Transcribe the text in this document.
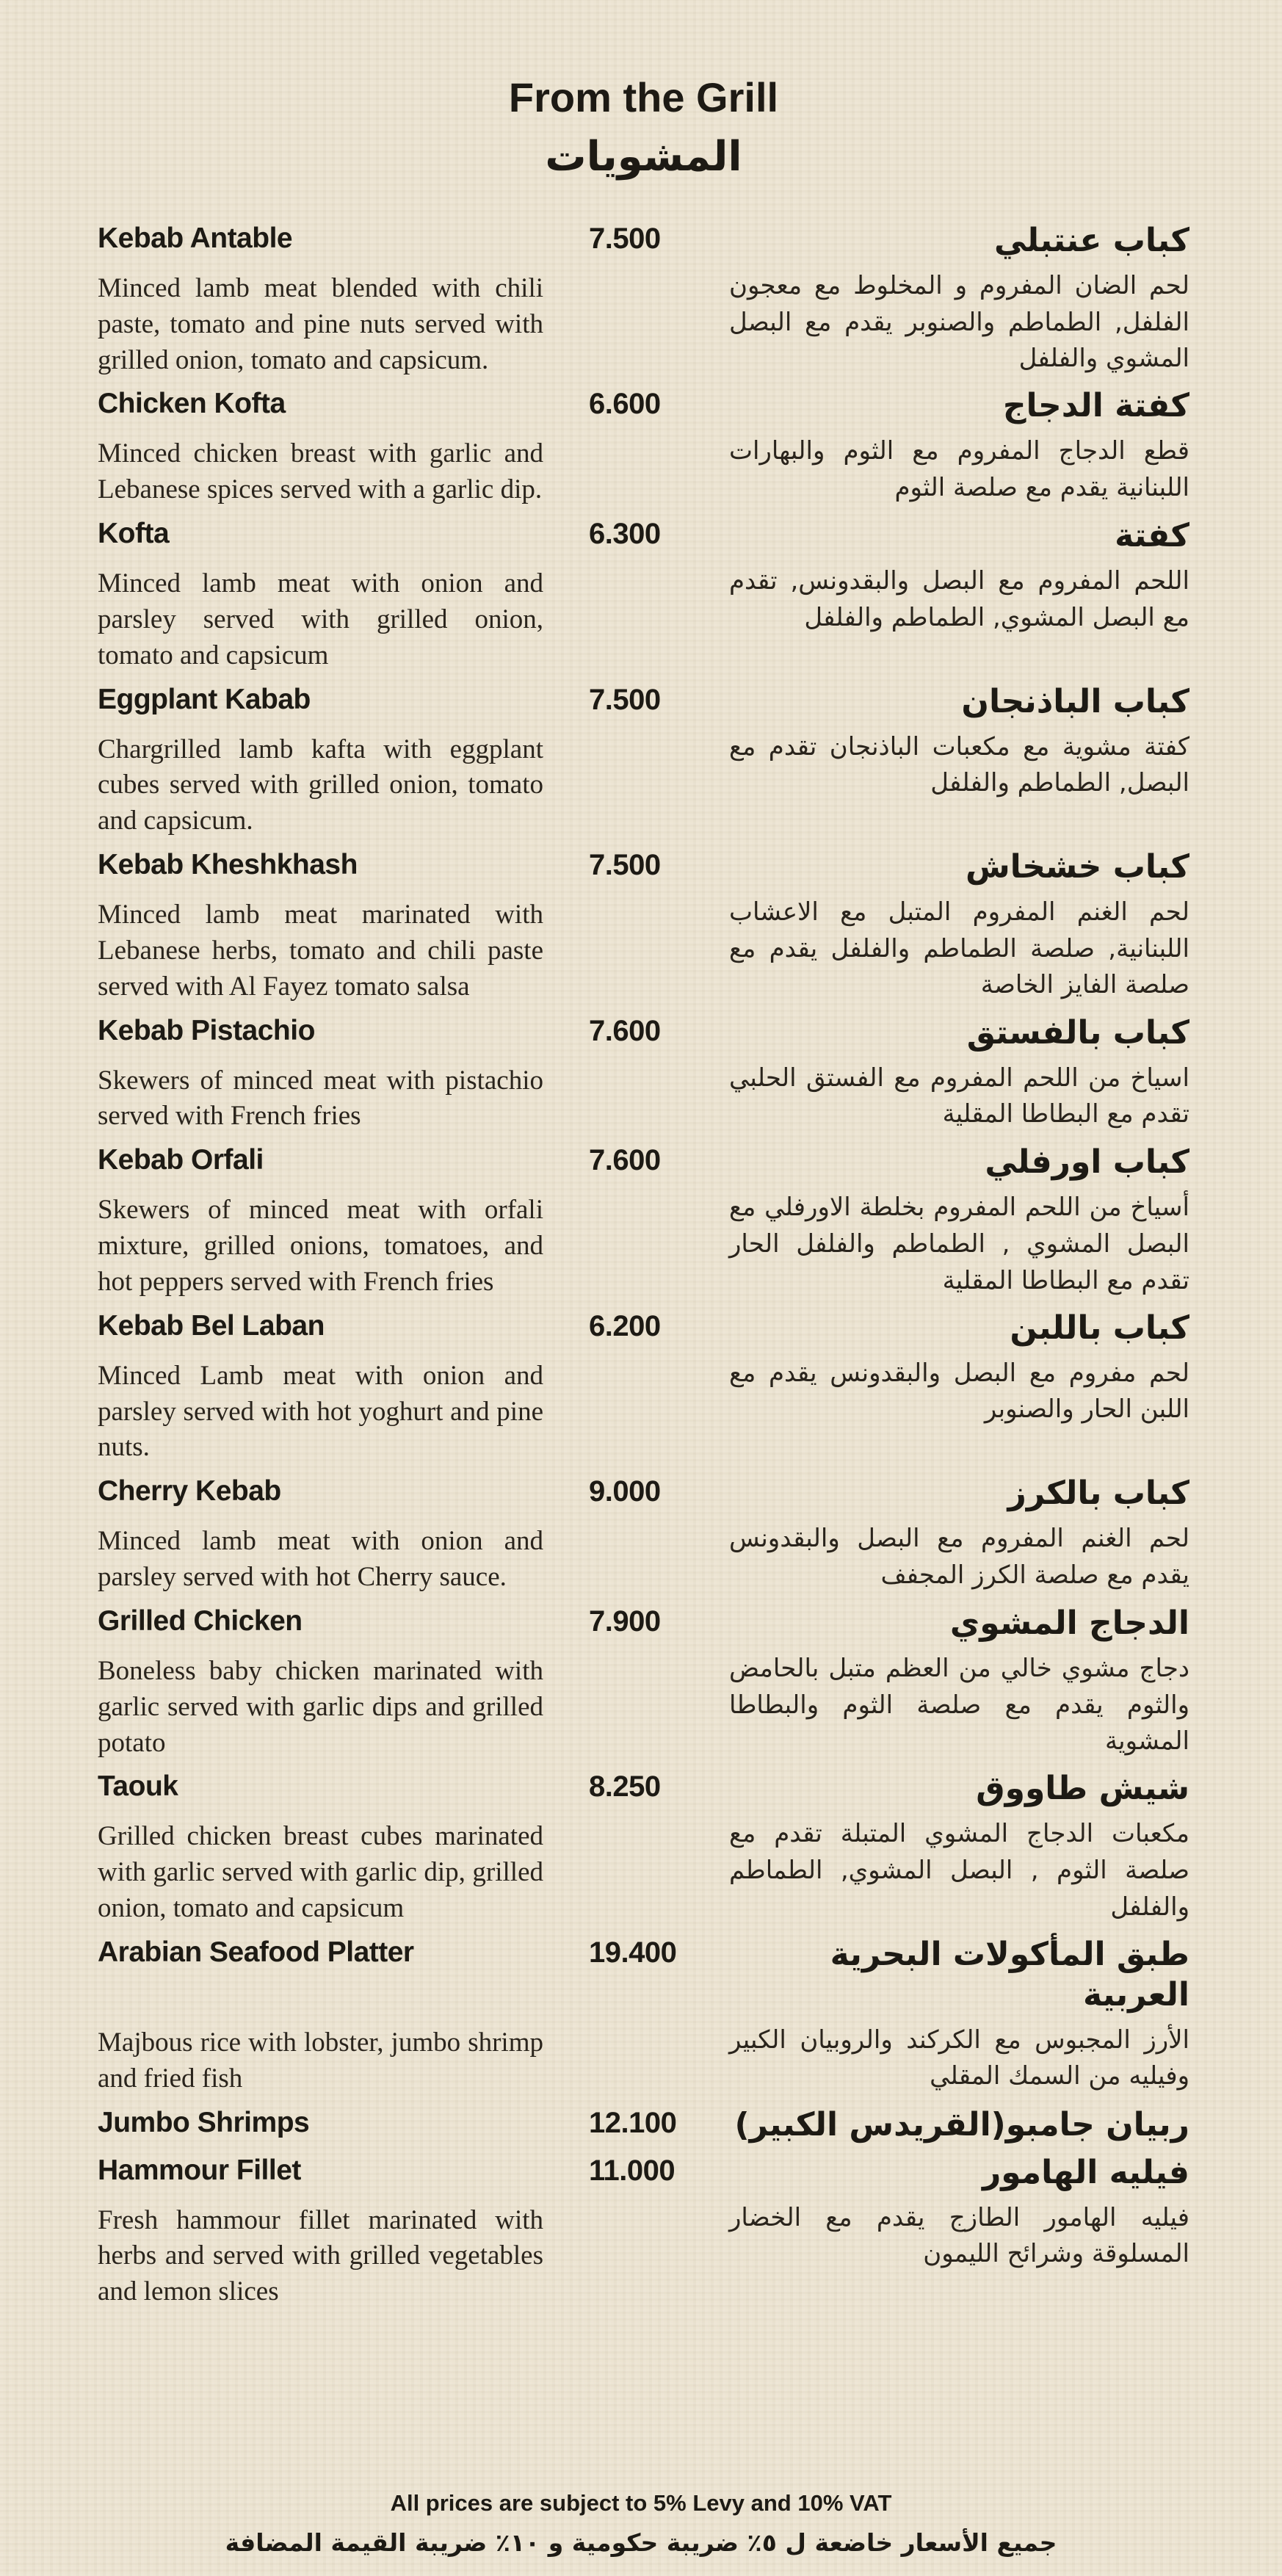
From the Grill
المشويات
Kebab Antable	7.500	كباب عنتبلي
Minced lamb meat blended with chili paste, tomato and pine nuts served with grilled onion, tomato and capsicum.
لحم الضان المفروم و المخلوط مع معجون الفلفل, الطماطم والصنوبر يقدم مع البصل المشوي والفلفل
Chicken Kofta	6.600	كفتة الدجاج
Minced chicken breast with garlic and Lebanese spices served with a garlic dip.
قطع الدجاج المفروم مع الثوم والبهارات اللبنانية يقدم مع صلصة الثوم
Kofta	6.300	كفتة
Minced lamb meat with onion and parsley served with grilled onion, tomato and capsicum
اللحم المفروم مع البصل والبقدونس, تقدم مع البصل المشوي, الطماطم والفلفل
Eggplant Kabab	7.500	كباب الباذنجان
Chargrilled lamb kafta with eggplant cubes served with grilled onion, tomato and capsicum.
كفتة مشوية مع مكعبات الباذنجان تقدم مع البصل, الطماطم والفلفل
Kebab Kheshkhash	7.500	كباب خشخاش
Minced lamb meat marinated with Lebanese herbs, tomato and chili paste served with Al Fayez tomato salsa
لحم الغنم المفروم المتبل مع الاعشاب اللبنانية, صلصة الطماطم والفلفل يقدم مع صلصة الفايز الخاصة
Kebab Pistachio	7.600	كباب بالفستق
Skewers of minced meat with pistachio served with French fries
اسياخ من اللحم المفروم مع الفستق الحلبي تقدم مع البطاطا المقلية
Kebab Orfali	7.600	كباب اورفلي
Skewers of minced meat with orfali mixture, grilled onions, tomatoes, and hot peppers served with French fries
أسياخ من اللحم المفروم بخلطة الاورفلي مع البصل المشوي , الطماطم والفلفل الحار تقدم مع البطاطا المقلية
Kebab Bel Laban	6.200	كباب باللبن
Minced Lamb meat with onion and parsley served with hot yoghurt and pine nuts.
لحم مفروم مع البصل والبقدونس يقدم مع اللبن الحار والصنوبر
Cherry Kebab	9.000	كباب بالكرز
Minced lamb meat with onion and parsley served with hot Cherry sauce.
لحم الغنم المفروم مع البصل والبقدونس يقدم مع صلصة الكرز المجفف
Grilled Chicken	7.900	الدجاج المشوي
Boneless baby chicken marinated with garlic served with garlic dips and grilled potato
دجاج مشوي خالي من العظم متبل بالحامض والثوم يقدم مع صلصة الثوم والبطاطا المشوية
Taouk	8.250	شيش طاووق
Grilled chicken breast cubes marinated with garlic served with garlic dip, grilled onion, tomato and capsicum
مكعبات الدجاج المشوي المتبلة تقدم مع صلصة الثوم , البصل المشوي, الطماطم والفلفل
Arabian Seafood Platter	19.400	طبق المأكولات البحرية العربية
Majbous rice with lobster, jumbo shrimp and fried fish
الأرز المجبوس مع الكركند والروبيان الكبير وفيليه من السمك المقلي
Jumbo Shrimps	12.100	ربيان جامبو(القريدس الكبير)
Hammour Fillet	11.000	فيليه الهامور
Fresh hammour fillet marinated with herbs and served with grilled vegetables and lemon slices
فيليه الهامور الطازج يقدم مع الخضار المسلوقة وشرائح الليمون
All prices are subject to 5% Levy and 10% VAT
جميع الأسعار خاضعة ل ٥٪ ضريبة حكومية و ١٠٪ ضريبة القيمة المضافة
